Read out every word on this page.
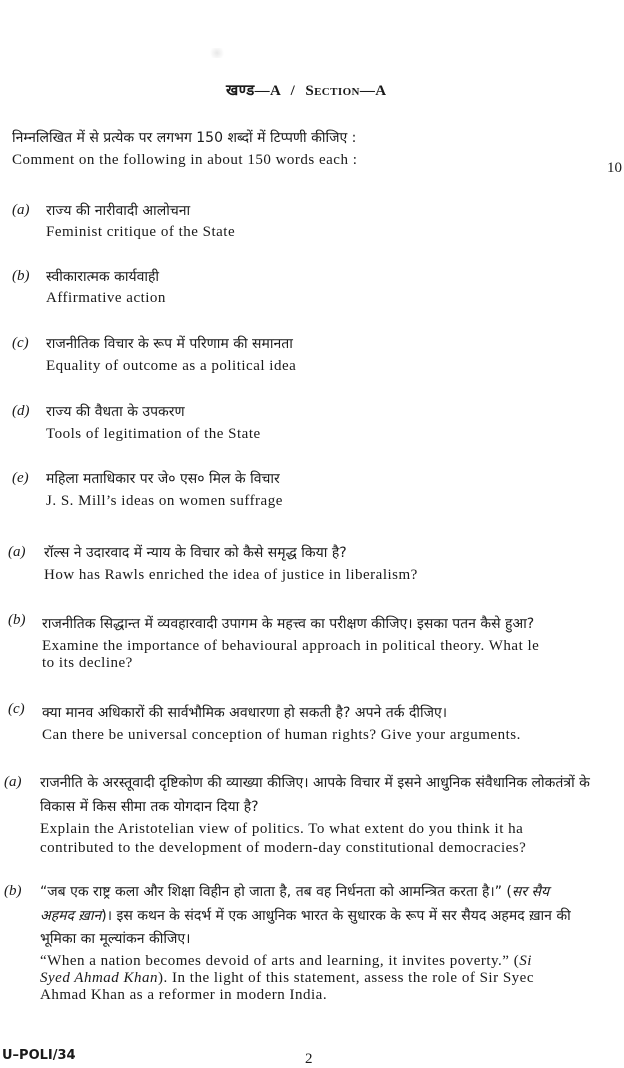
खण्ड—A / Section—A
निम्नलिखित में से प्रत्येक पर लगभग 150 शब्दों में टिप्पणी कीजिए :
Comment on the following in about 150 words each :	10
(a) राज्य की नारीवादी आलोचना
Feminist critique of the State
(b) स्वीकारात्मक कार्यवाही
Affirmative action
(c) राजनीतिक विचार के रूप में परिणाम की समानता
Equality of outcome as a political idea
(d) राज्य की वैधता के उपकरण
Tools of legitimation of the State
(e) महिला मताधिकार पर जे० एस० मिल के विचार
J. S. Mill’s ideas on women suffrage
(a) रॉल्स ने उदारवाद में न्याय के विचार को कैसे समृद्ध किया है?
How has Rawls enriched the idea of justice in liberalism?
(b) राजनीतिक सिद्धान्त में व्यवहारवादी उपागम के महत्त्व का परीक्षण कीजिए। इसका पतन कैसे हुआ?
Examine the importance of behavioural approach in political theory. What le
to its decline?
(c) क्या मानव अधिकारों की सार्वभौमिक अवधारणा हो सकती है? अपने तर्क दीजिए।
Can there be universal conception of human rights? Give your arguments.
(a) राजनीति के अरस्तूवादी दृष्टिकोण की व्याख्या कीजिए। आपके विचार में इसने आधुनिक संवैधानिक लोकतंत्रों के
विकास में किस सीमा तक योगदान दिया है?
Explain the Aristotelian view of politics. To what extent do you think it ha
contributed to the development of modern-day constitutional democracies?
(b) “जब एक राष्ट्र कला और शिक्षा विहीन हो जाता है, तब वह निर्धनता को आमन्त्रित करता है।” (सर सैय
अहमद ख़ान)। इस कथन के संदर्भ में एक आधुनिक भारत के सुधारक के रूप में सर सैयद अहमद ख़ान की
भूमिका का मूल्यांकन कीजिए।
“When a nation becomes devoid of arts and learning, it invites poverty.” (Si
Syed Ahmad Khan). In the light of this statement, assess the role of Sir Syec
Ahmad Khan as a reformer in modern India.
U–POLI/34	2
